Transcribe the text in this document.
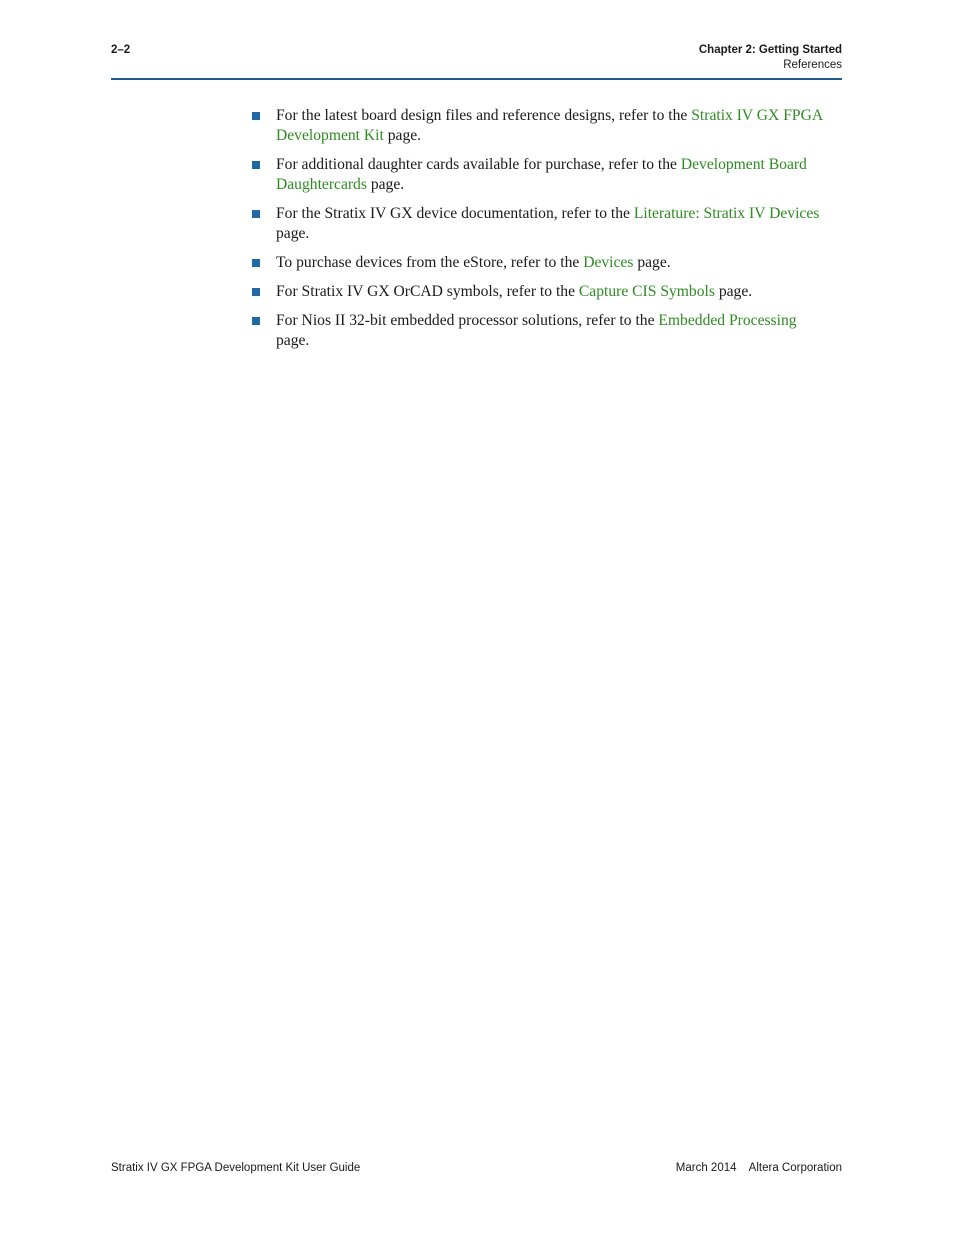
2–2	Chapter 2: Getting Started
References
For the latest board design files and reference designs, refer to the Stratix IV GX FPGA Development Kit page.
For additional daughter cards available for purchase, refer to the Development Board Daughtercards page.
For the Stratix IV GX device documentation, refer to the Literature: Stratix IV Devices page.
To purchase devices from the eStore, refer to the Devices page.
For Stratix IV GX OrCAD symbols, refer to the Capture CIS Symbols page.
For Nios II 32-bit embedded processor solutions, refer to the Embedded Processing page.
Stratix IV GX FPGA Development Kit User Guide	March 2014 Altera Corporation
